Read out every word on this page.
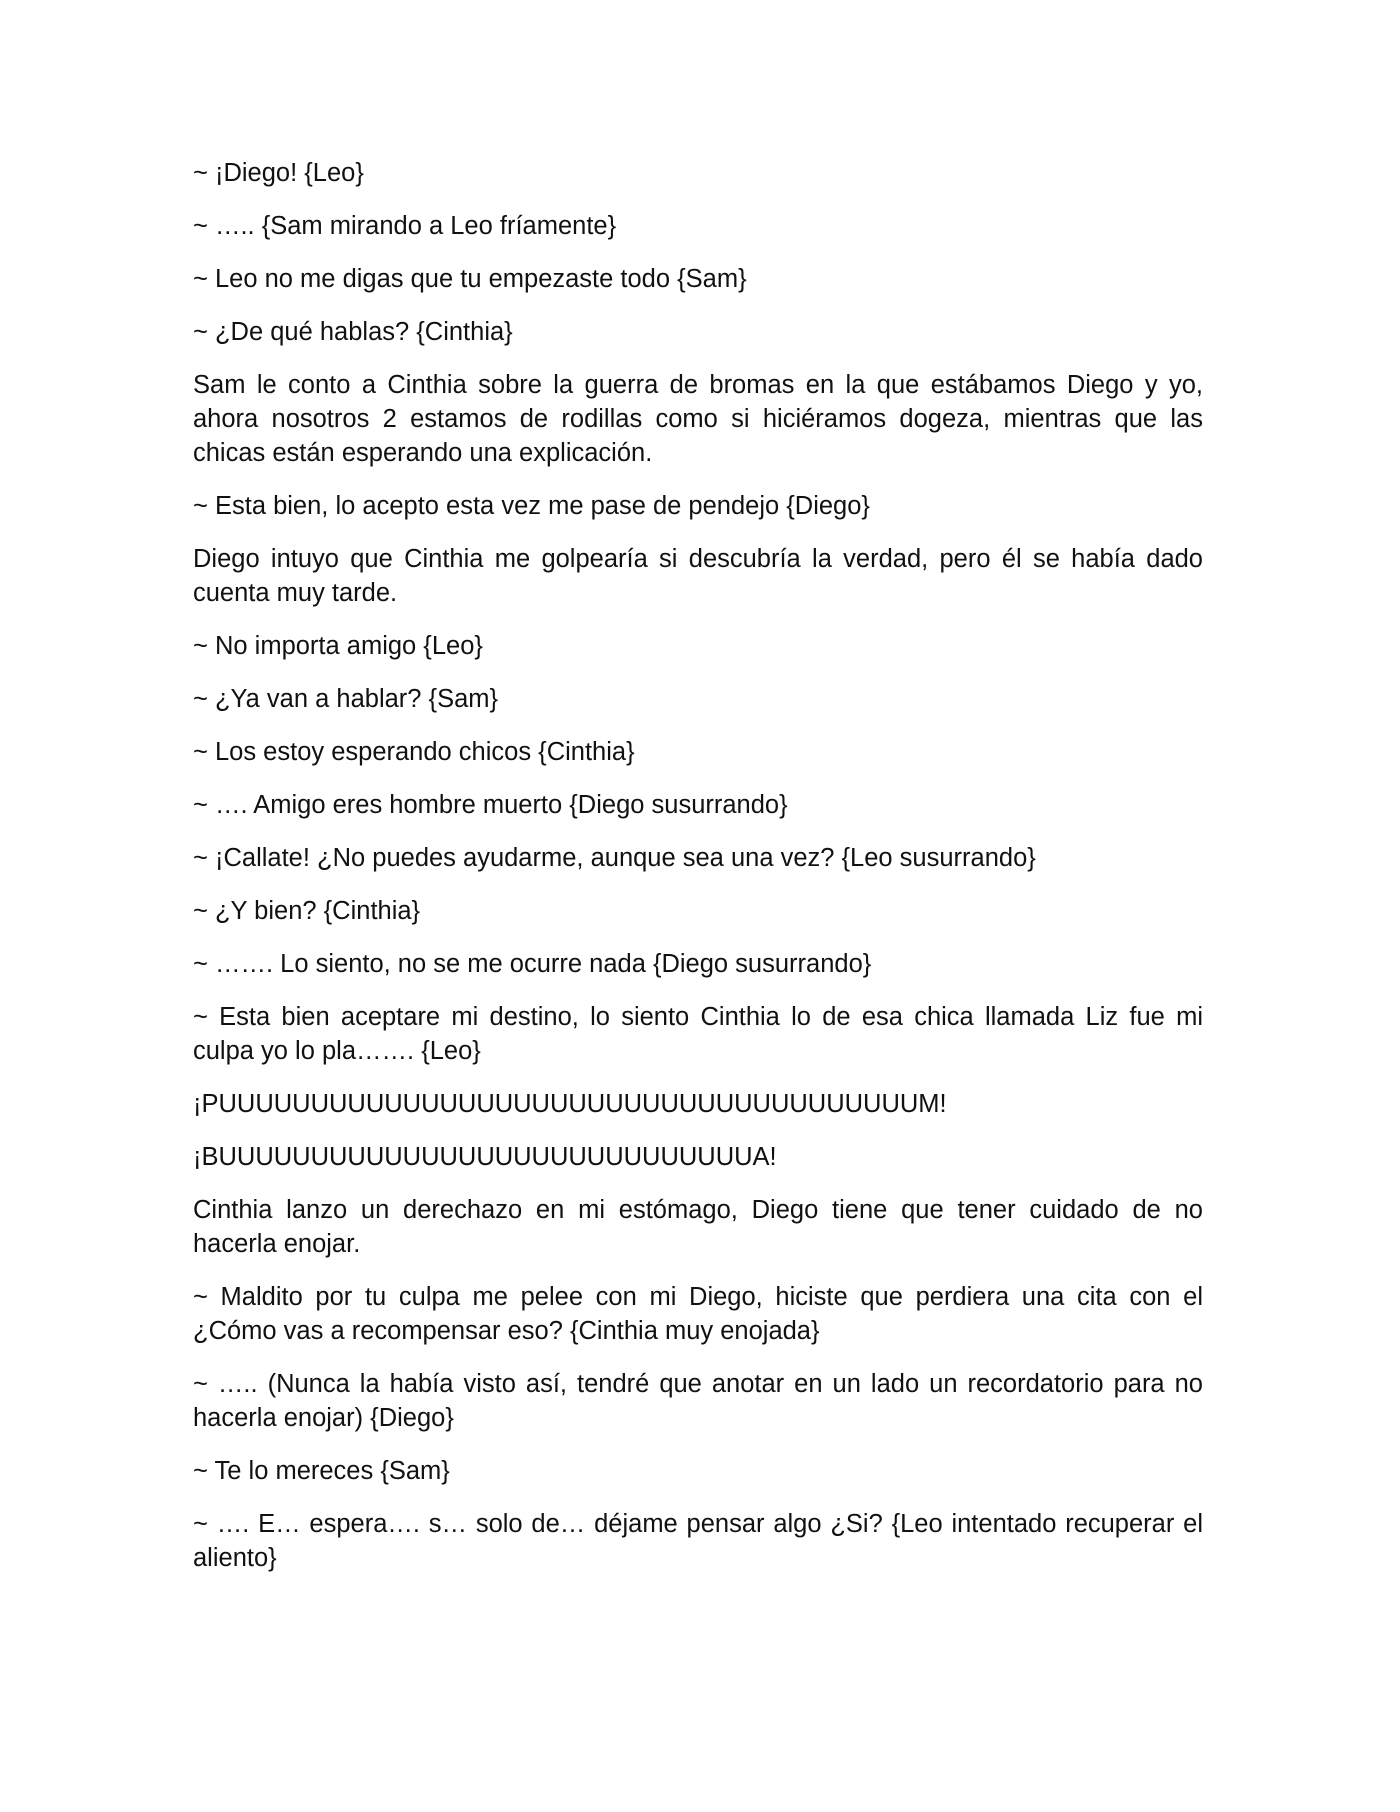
~ ¡Diego! {Leo}

~ ….. {Sam mirando a Leo fríamente}

~ Leo no me digas que tu empezaste todo {Sam}

~ ¿De qué hablas? {Cinthia}

Sam le conto a Cinthia sobre la guerra de bromas en la que estábamos Diego y yo, ahora nosotros 2 estamos de rodillas como si hiciéramos dogeza, mientras que las chicas están esperando una explicación.

~ Esta bien, lo acepto esta vez me pase de pendejo {Diego}

Diego intuyo que Cinthia me golpearía si descubría la verdad, pero él se había dado cuenta muy tarde.

~ No importa amigo {Leo}

~ ¿Ya van a hablar? {Sam}

~ Los estoy esperando chicos {Cinthia}

~ …. Amigo eres hombre muerto {Diego susurrando}

~ ¡Callate! ¿No puedes ayudarme, aunque sea una vez? {Leo susurrando}

~ ¿Y bien? {Cinthia}

~ ……. Lo siento, no se me ocurre nada {Diego susurrando}

~ Esta bien aceptare mi destino, lo siento Cinthia lo de esa chica llamada Liz fue mi culpa yo lo pla……. {Leo}

¡PUUUUUUUUUUUUUUUUUUUUUUUUUUUUUUUUUUUUUUM!

¡BUUUUUUUUUUUUUUUUUUUUUUUUUUUUUA!

Cinthia lanzo un derechazo en mi estómago, Diego tiene que tener cuidado de no hacerla enojar.

~ Maldito por tu culpa me pelee con mi Diego, hiciste que perdiera una cita con el ¿Cómo vas a recompensar eso? {Cinthia muy enojada}

~ ….. (Nunca la había visto así, tendré que anotar en un lado un recordatorio para no hacerla enojar) {Diego}

~ Te lo mereces {Sam}

~ …. E… espera…. s… solo de… déjame pensar algo ¿Si? {Leo intentado recuperar el aliento}
